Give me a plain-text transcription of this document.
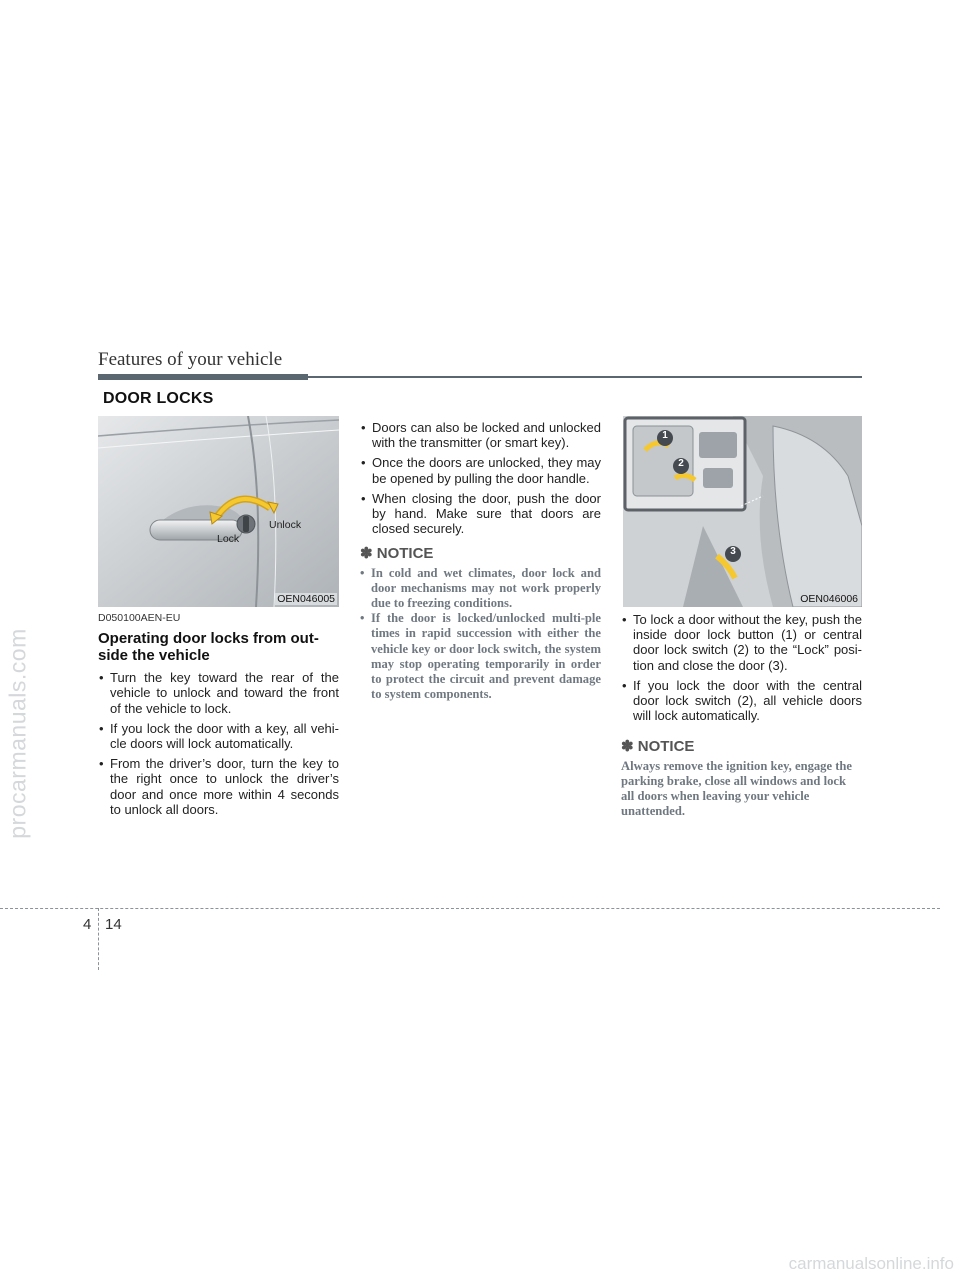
Features of your vehicle
DOOR LOCKS
Lock
Unlock
OEN046005
1
2
3
OEN046006
D050100AEN-EU
Operating door locks from out-side the vehicle
• Turn the key toward the rear of the vehicle to unlock and toward the front of the vehicle to lock.
• If you lock the door with a key, all vehi-cle doors will lock automatically.
• From the driver’s door, turn the key to the right once to unlock the driver’s door and once more within 4 seconds to unlock all doors.
• Doors can also be locked and unlocked with the transmitter (or smart key).
• Once the doors are unlocked, they may be opened by pulling the door handle.
• When closing the door, push the door by hand. Make sure that doors are closed securely.
✽ NOTICE
• In cold and wet climates, door lock and door mechanisms may not work properly due to freezing conditions.
• If the door is locked/unlocked multi-ple times in rapid succession with either the vehicle key or door lock switch, the system may stop operating temporarily in order to protect the circuit and prevent damage to system components.
• To lock a door without the key, push the inside door lock button (1) or central door lock switch (2) to the “Lock” posi-tion and close the door (3).
• If you lock the door with the central door lock switch (2), all vehicle doors will lock automatically.
✽ NOTICE
Always remove the ignition key, engage the parking brake, close all windows and lock all doors when leaving your vehicle unattended.
4 14
procarmanuals.com
carmanualsonline.info
